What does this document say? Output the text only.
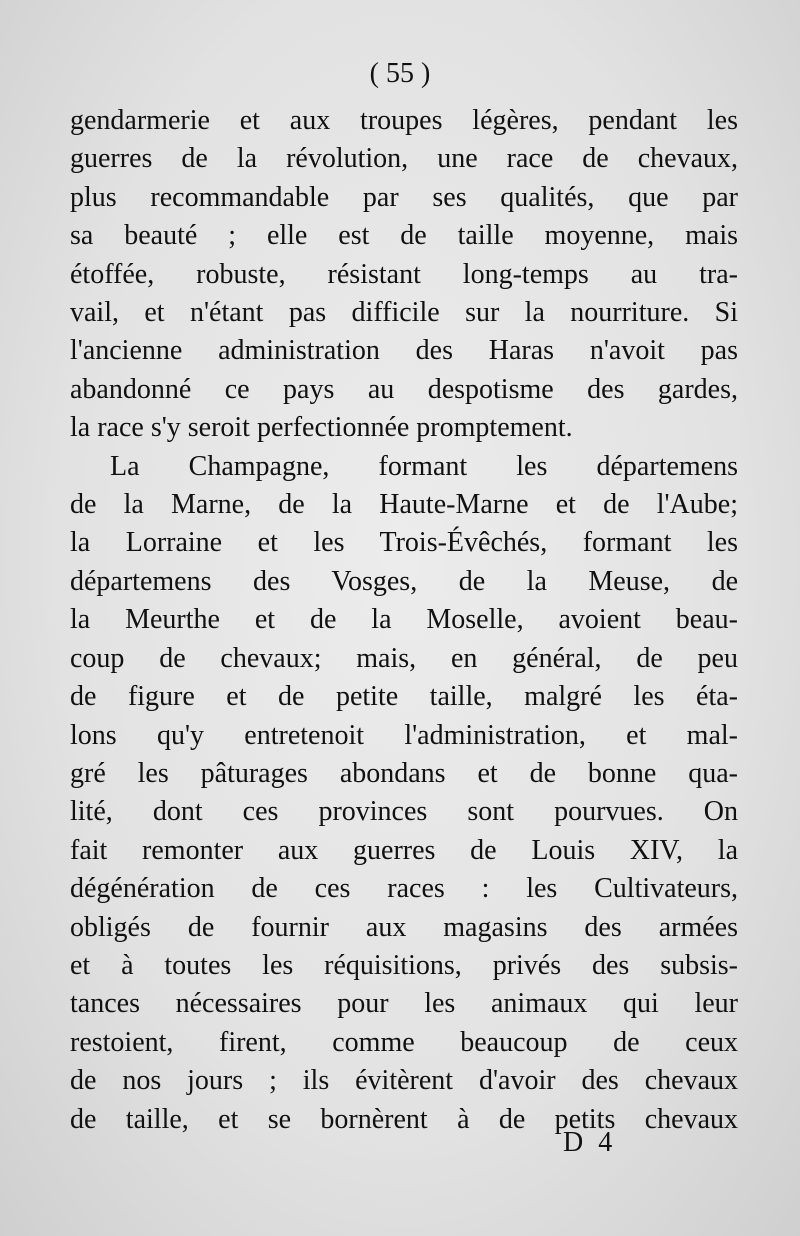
( 55 )
gendarmerie et aux troupes légères, pendant les
guerres de la révolution, une race de chevaux,
plus recommandable par ses qualités, que par
sa beauté ; elle est de taille moyenne, mais
étoffée, robuste, résistant long-temps au tra-
vail, et n'étant pas difficile sur la nourriture. Si
l'ancienne administration des Haras n'avoit pas
abandonné ce pays au despotisme des gardes,
la race s'y seroit perfectionnée promptement.
La Champagne, formant les départemens
de la Marne, de la Haute-Marne et de l'Aube;
la Lorraine et les Trois-Évêchés, formant les
départemens des Vosges, de la Meuse, de
la Meurthe et de la Moselle, avoient beau-
coup de chevaux; mais, en général, de peu
de figure et de petite taille, malgré les éta-
lons qu'y entretenoit l'administration, et mal-
gré les pâturages abondans et de bonne qua-
lité, dont ces provinces sont pourvues. On
fait remonter aux guerres de Louis XIV, la
dégénération de ces races : les Cultivateurs,
obligés de fournir aux magasins des armées
et à toutes les réquisitions, privés des subsis-
tances nécessaires pour les animaux qui leur
restoient, firent, comme beaucoup de ceux
de nos jours ; ils évitèrent d'avoir des chevaux
de taille, et se bornèrent à de petits chevaux
D 4
